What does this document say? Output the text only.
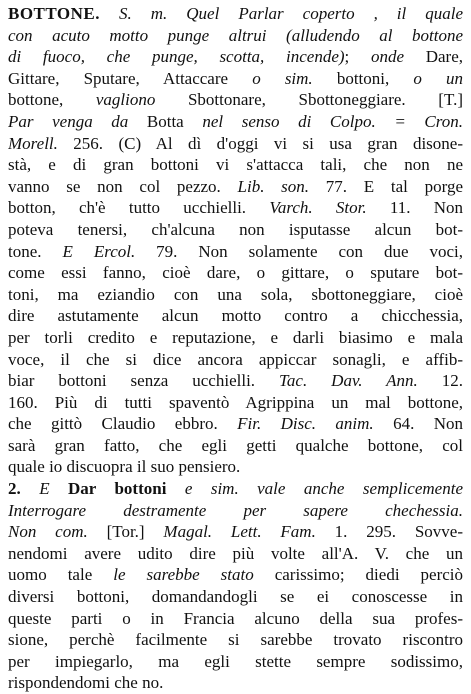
BOTTONE. S. m. Quel Parlar coperto , il quale
con acuto motto punge altrui (alludendo al bottone
di fuoco, che punge, scotta, incende); onde Dare,
Gittare, Sputare, Attaccare o sim. bottoni, o un
bottone, vagliono Sbottonare, Sbottoneggiare. [T.]
Par venga da Botta nel senso di Colpo. = Cron.
Morell. 256. (C) Al dì d'oggi vi si usa gran disone-
stà, e di gran bottoni vi s'attacca tali, che non ne
vanno se non col pezzo. Lib. son. 77. E tal porge
botton, ch'è tutto ucchielli. Varch. Stor. 11. Non
poteva tenersi, ch'alcuna non isputasse alcun bot-
tone. E Ercol. 79. Non solamente con due voci,
come essi fanno, cioè dare, o gittare, o sputare bot-
toni, ma eziandio con una sola, sbottoneggiare, cioè
dire astutamente alcun motto contro a chicchessia,
per torli credito e reputazione, e darli biasimo e mala
voce, il che si dice ancora appiccar sonagli, e affib-
biar bottoni senza ucchielli. Tac. Dav. Ann. 12.
160. Più di tutti spaventò Agrippina un mal bottone,
che gittò Claudio ebbro. Fir. Disc. anim. 64. Non
sarà gran fatto, che egli getti qualche bottone, col
quale io discuopra il suo pensiero.
2. E Dar bottoni e sim. vale anche semplicemente
Interrogare destramente per sapere chechessia.
Non com. [Tor.] Magal. Lett. Fam. 1. 295. Sovve-
nendomi avere udito dire più volte all'A. V. che un
uomo tale le sarebbe stato carissimo; diedi perciò
diversi bottoni, domandandogli se ei conoscesse in
queste parti o in Francia alcuno della sua profes-
sione, perchè facilmente si sarebbe trovato riscontro
per impiegarlo, ma egli stette sempre sodissimo,
rispondendomi che no.
